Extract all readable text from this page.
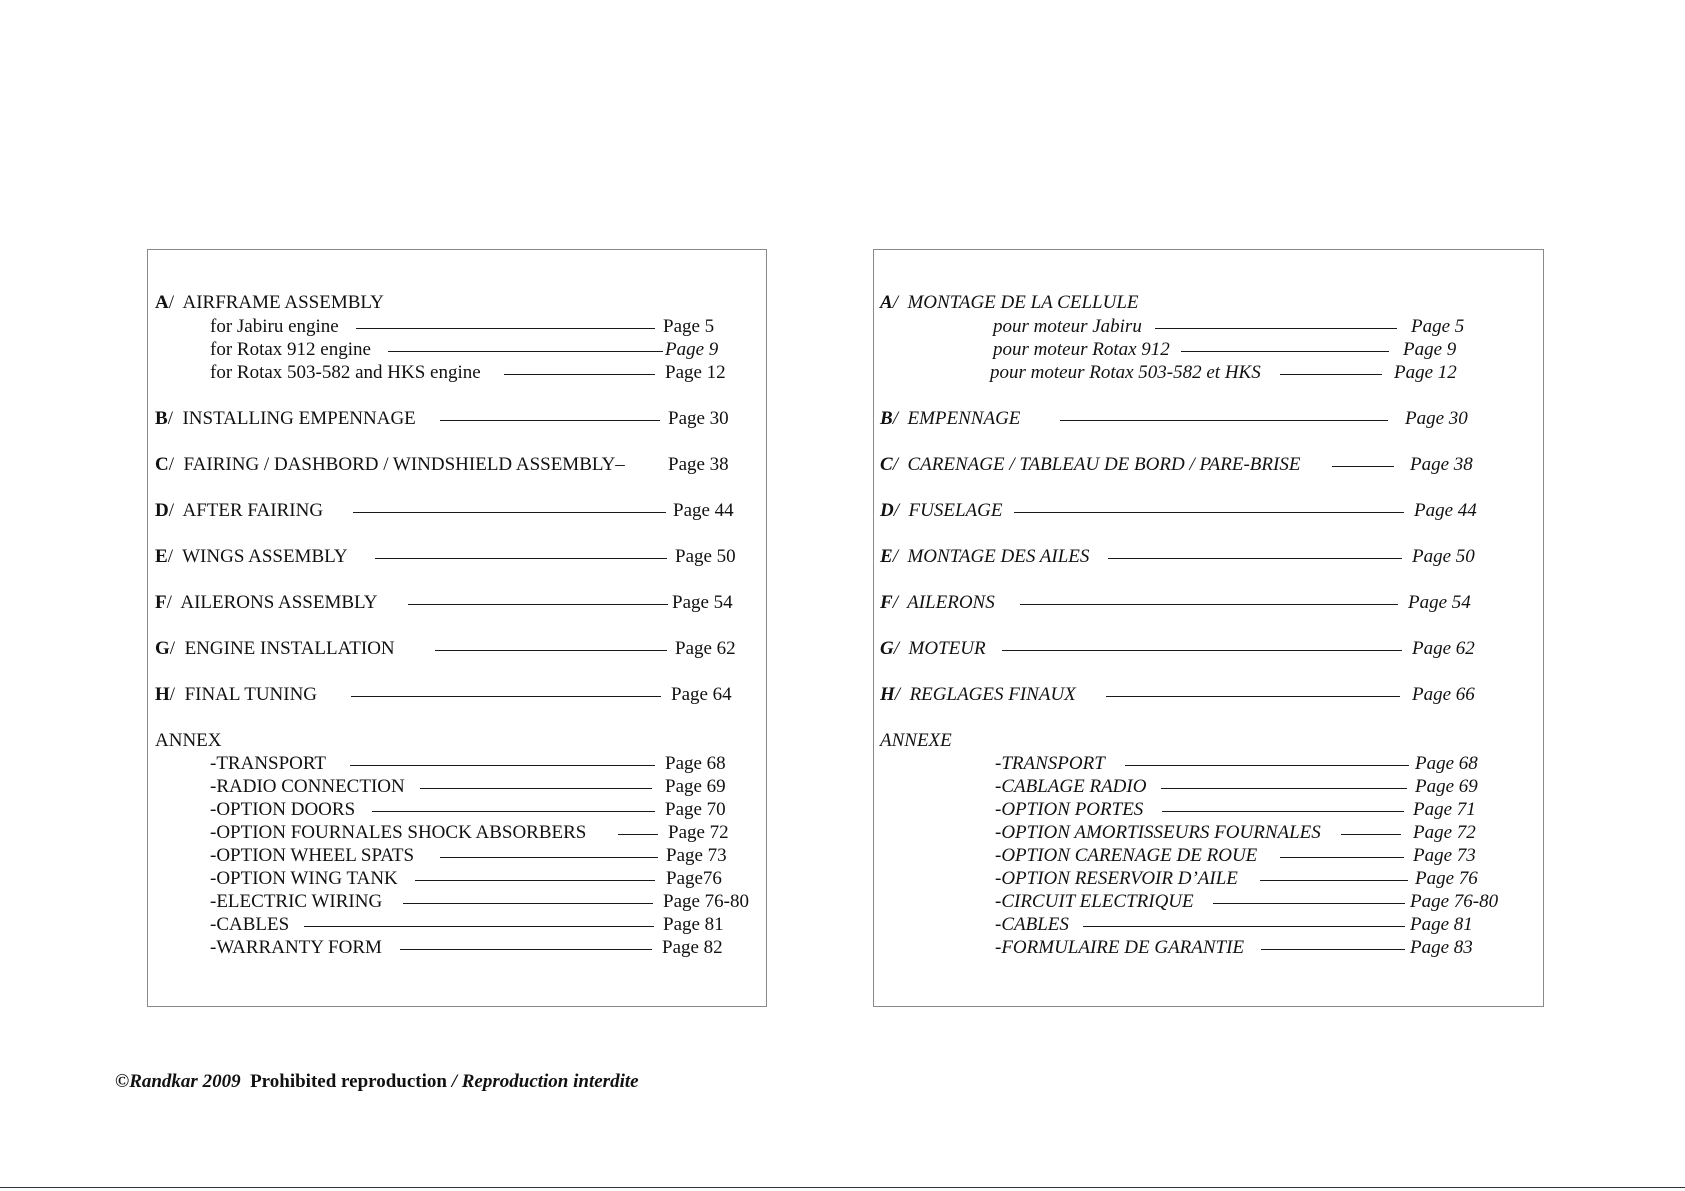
A/  AIRFRAME ASSEMBLY
for Jabiru engine	Page 5
for Rotax 912 engine	Page 9
for Rotax 503-582 and HKS engine	Page 12
B/  INSTALLING EMPENNAGE	Page 30
C/  FAIRING / DASHBORD / WINDSHIELD ASSEMBLY– Page 38
D/  AFTER FAIRING	Page 44
E/  WINGS ASSEMBLY	Page 50
F/  AILERONS ASSEMBLY	Page 54
G/  ENGINE INSTALLATION	Page 62
H/  FINAL TUNING	Page 64
ANNEX
-TRANSPORT	Page 68
-RADIO CONNECTION	Page 69
-OPTION DOORS	Page 70
-OPTION FOURNALES SHOCK ABSORBERS	Page 72
-OPTION WHEEL SPATS	Page 73
-OPTION WING TANK	Page76
-ELECTRIC WIRING	Page 76-80
-CABLES	Page 81
-WARRANTY FORM	Page 82
A/  MONTAGE DE LA CELLULE
pour moteur Jabiru	Page 5
pour moteur Rotax 912	Page 9
pour moteur Rotax 503-582 et HKS	Page 12
B/  EMPENNAGE	Page 30
C/  CARENAGE / TABLEAU DE BORD / PARE-BRISE	Page 38
D/  FUSELAGE	Page 44
E/  MONTAGE DES AILES	Page 50
F/  AILERONS	Page 54
G/  MOTEUR	Page 62
H/  REGLAGES FINAUX	Page 66
ANNEXE
-TRANSPORT	Page 68
-CABLAGE RADIO	Page 69
-OPTION PORTES	Page 71
-OPTION AMORTISSEURS FOURNALES	Page 72
-OPTION CARENAGE DE ROUE	Page 73
-OPTION RESERVOIR D’AILE	Page 76
-CIRCUIT ELECTRIQUE	Page 76-80
-CABLES	Page 81
-FORMULAIRE DE GARANTIE	Page 83
©Randkar 2009 Prohibited reproduction / Reproduction interdite
